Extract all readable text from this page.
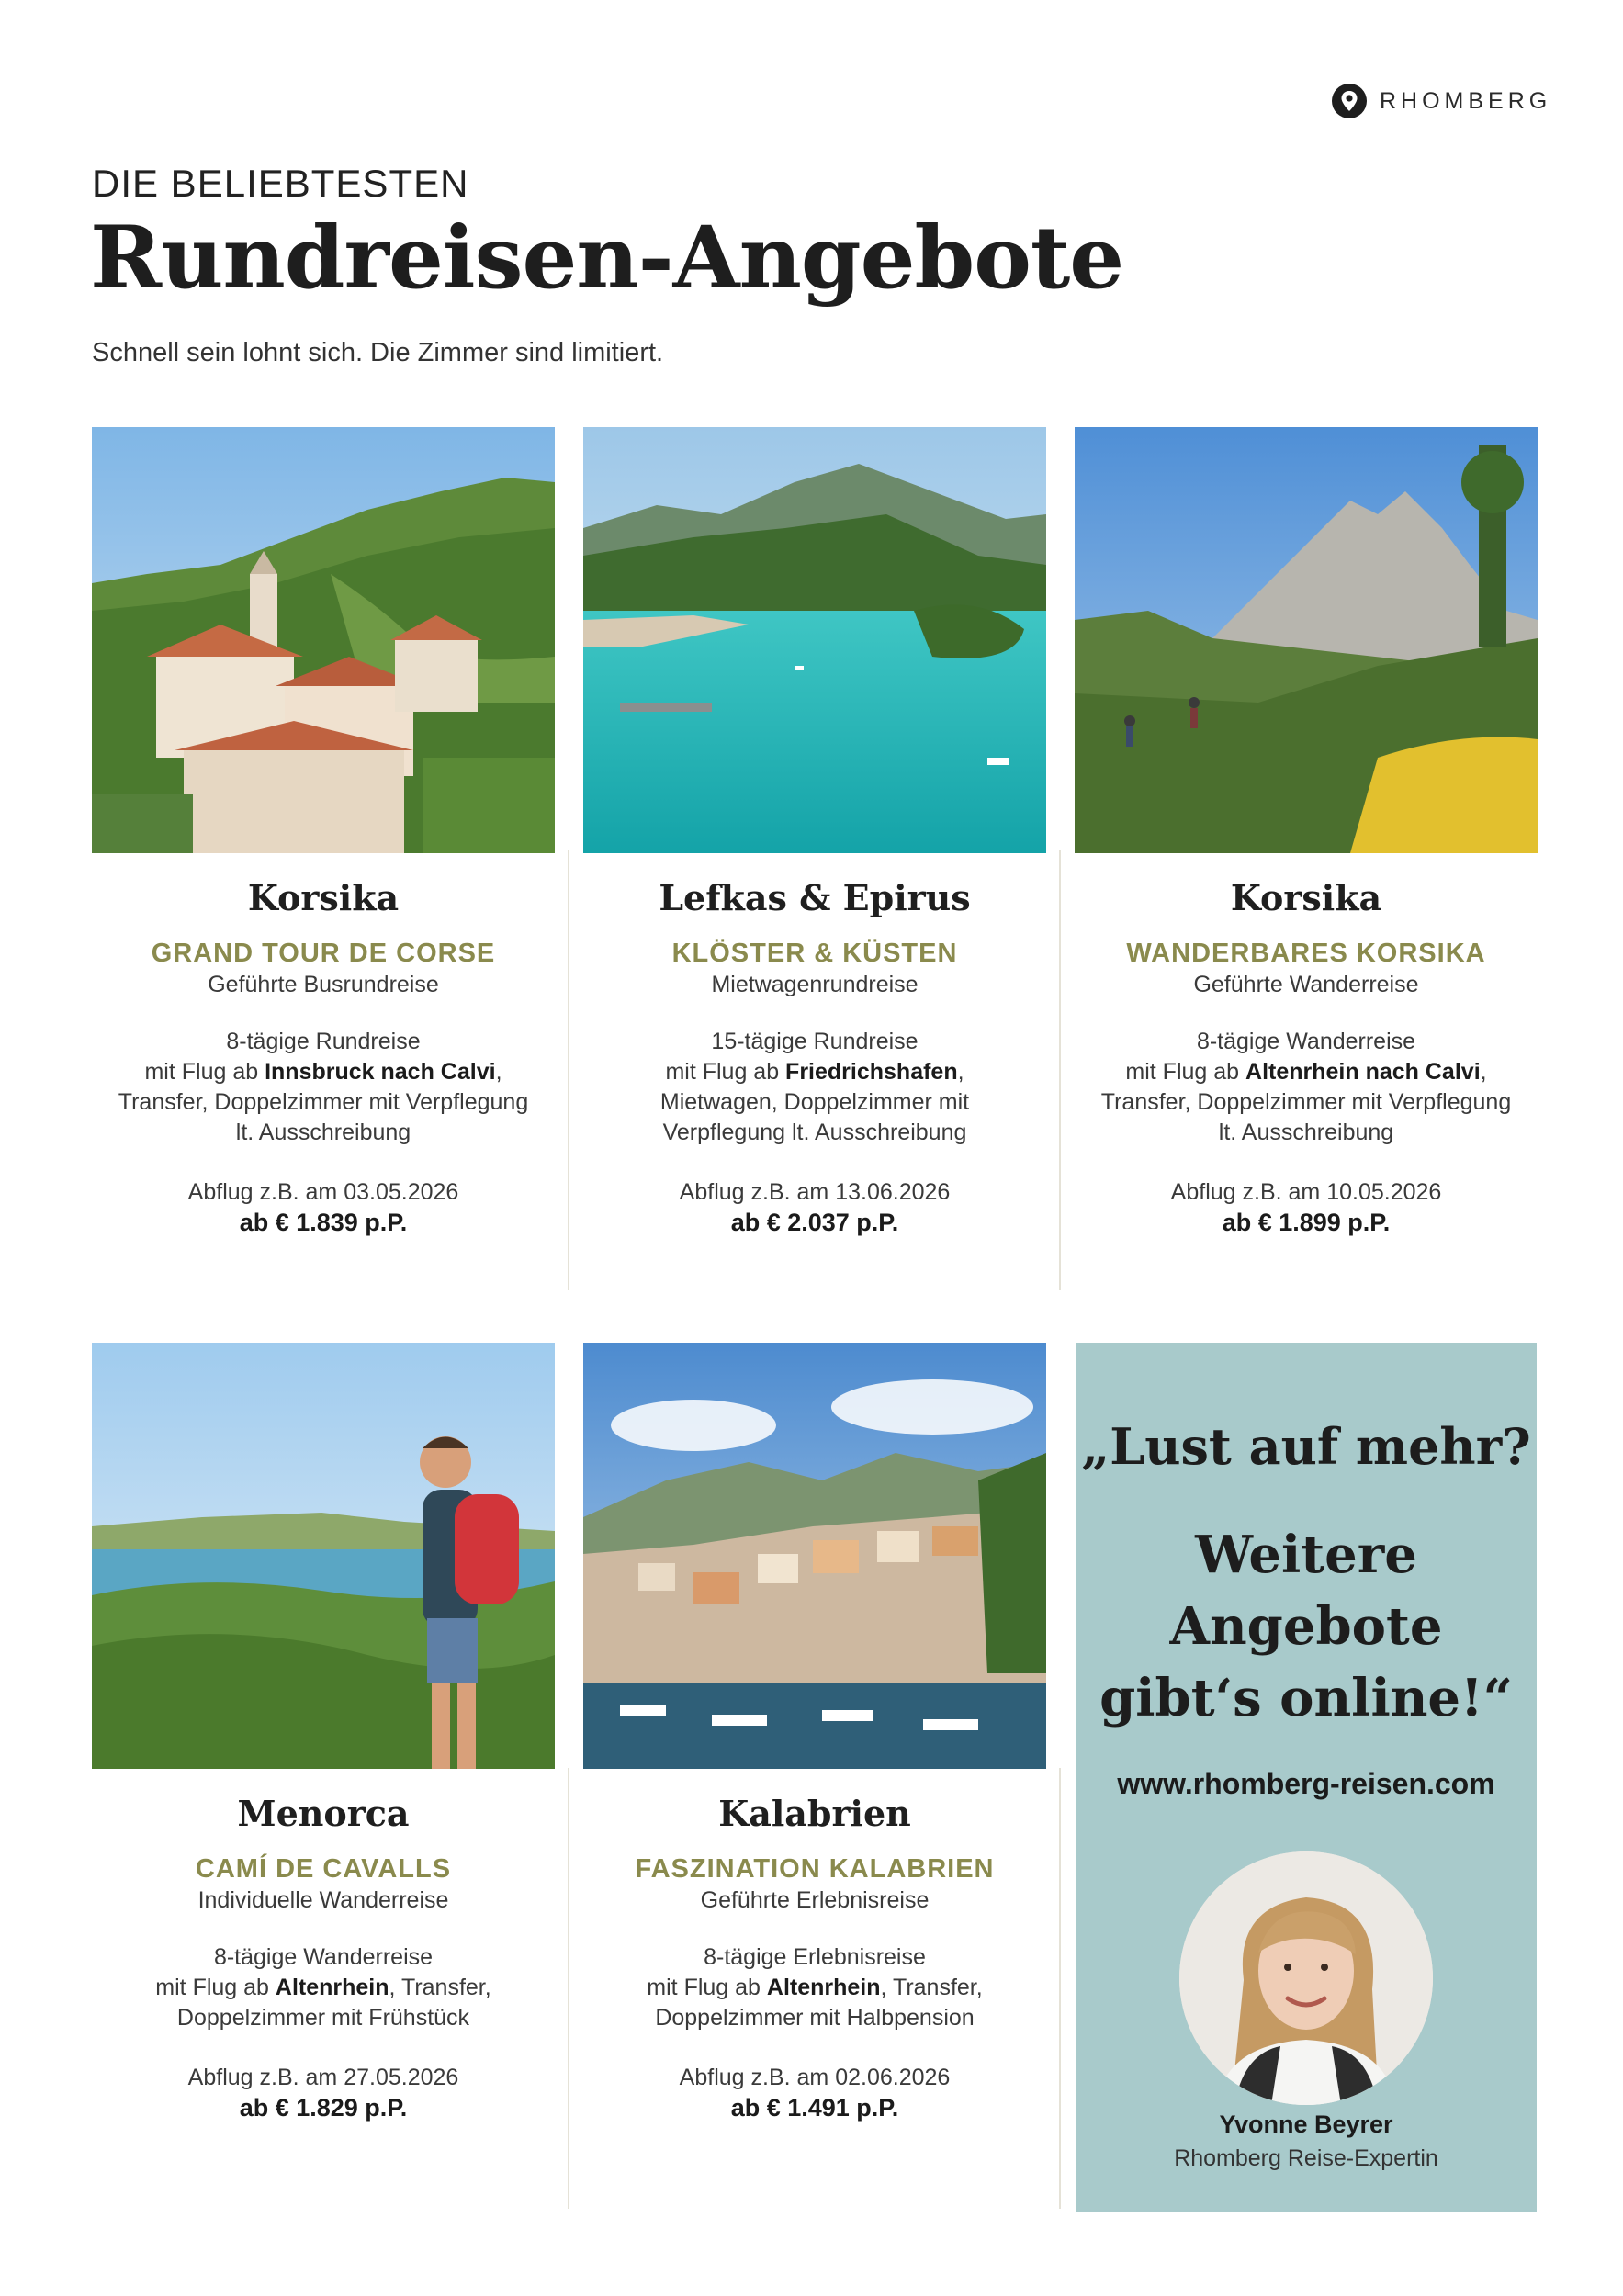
RHOMBERG
DIE BELIEBTESTEN
Rundreisen-Angebote
Schnell sein lohnt sich. Die Zimmer sind limitiert.
Korsika
GRAND TOUR DE CORSE
Geführte Busrundreise
8-tägige Rundreise
mit Flug ab Innsbruck nach Calvi,
Transfer, Doppelzimmer mit Verpflegung
lt. Ausschreibung
Abflug z.B. am 03.05.2026
ab € 1.839 p.P.
Lefkas & Epirus
KLÖSTER & KÜSTEN
Mietwagenrundreise
15-tägige Rundreise
mit Flug ab Friedrichshafen,
Mietwagen, Doppelzimmer mit
Verpflegung lt. Ausschreibung
Abflug z.B. am 13.06.2026
ab € 2.037 p.P.
Korsika
WANDERBARES KORSIKA
Geführte Wanderreise
8-tägige Wanderreise
mit Flug ab Altenrhein nach Calvi,
Transfer, Doppelzimmer mit Verpflegung
lt. Ausschreibung
Abflug z.B. am 10.05.2026
ab € 1.899 p.P.
Menorca
CAMÍ DE CAVALLS
Individuelle Wanderreise
8-tägige Wanderreise
mit Flug ab Altenrhein, Transfer,
Doppelzimmer mit Frühstück
Abflug z.B. am 27.05.2026
ab € 1.829 p.P.
Kalabrien
FASZINATION KALABRIEN
Geführte Erlebnisreise
8-tägige Erlebnisreise
mit Flug ab Altenrhein, Transfer,
Doppelzimmer mit Halbpension
Abflug z.B. am 02.06.2026
ab € 1.491 p.P.
„Lust auf mehr?
Weitere
Angebote
gibt‘s online!“
www.rhomberg-reisen.com
Yvonne Beyrer
Rhomberg Reise-Expertin
